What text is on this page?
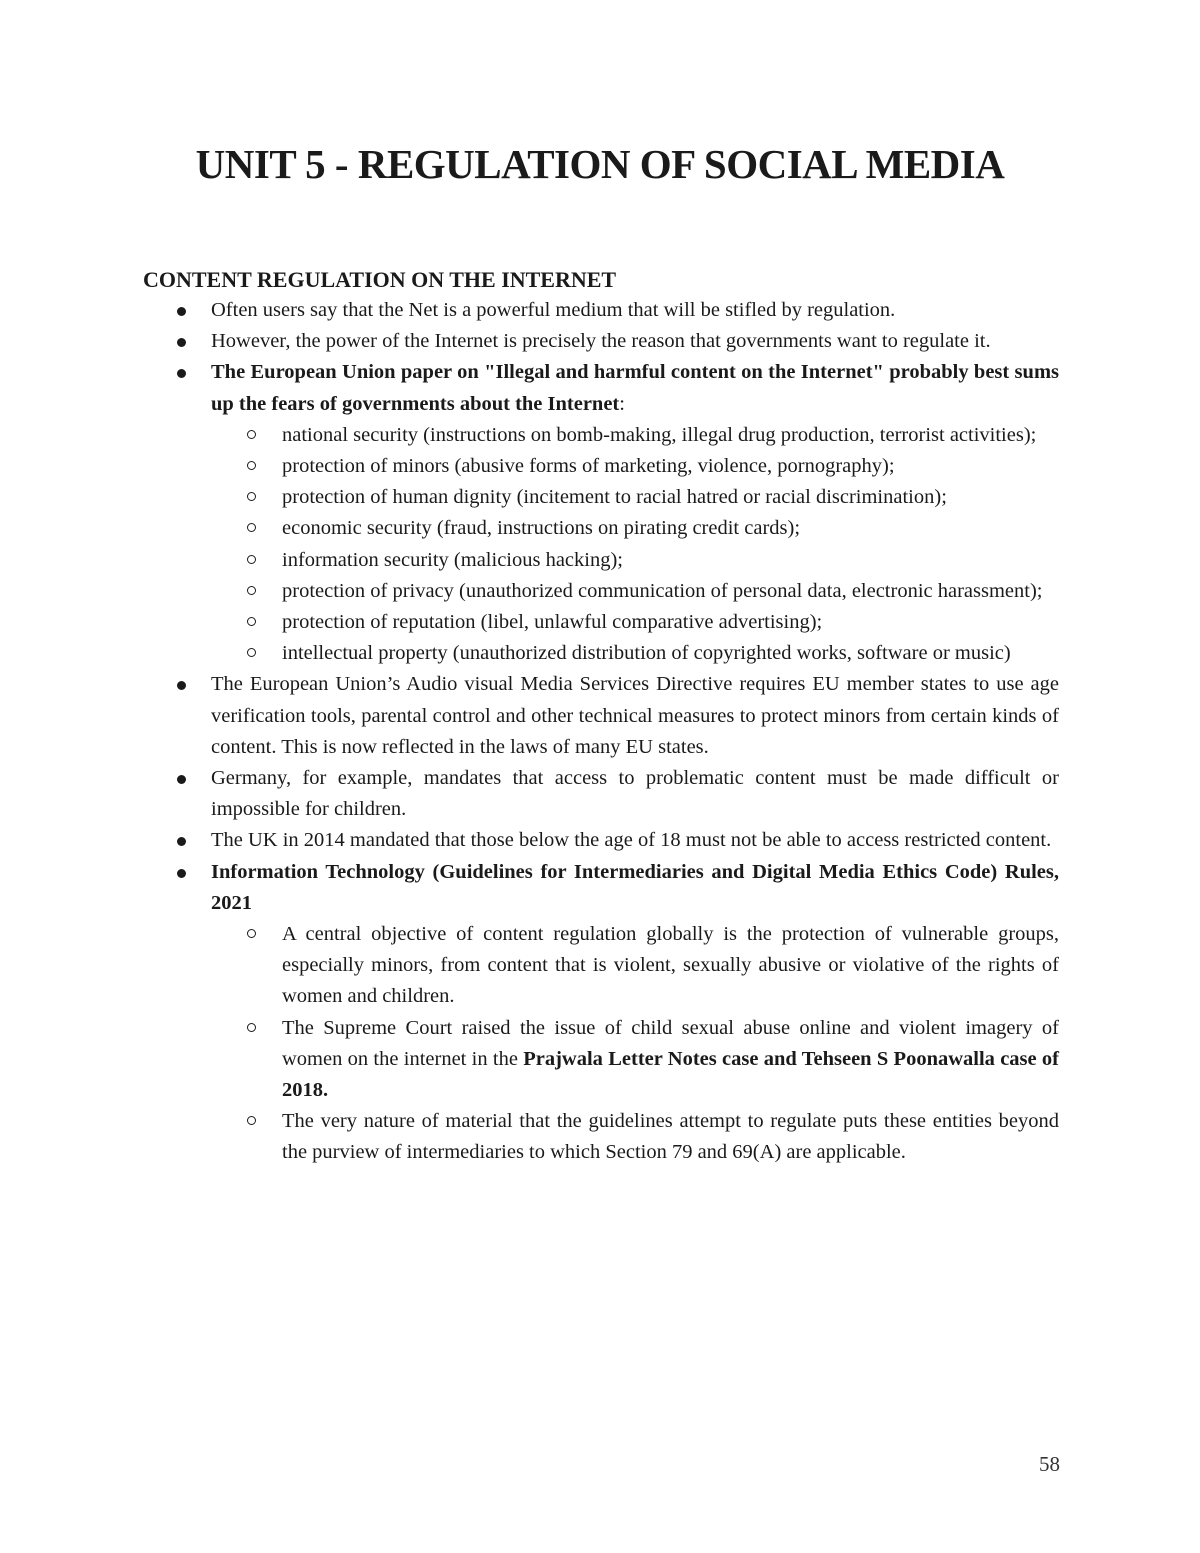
UNIT 5 - REGULATION OF SOCIAL MEDIA
CONTENT REGULATION ON THE INTERNET
Often users say that the Net is a powerful medium that will be stifled by regulation.
However, the power of the Internet is precisely the reason that governments want to regulate it.
The European Union paper on "Illegal and harmful content on the Internet" probably best sums up the fears of governments about the Internet:
national security (instructions on bomb-making, illegal drug production, terrorist activities);
protection of minors (abusive forms of marketing, violence, pornography);
protection of human dignity (incitement to racial hatred or racial discrimination);
economic security (fraud, instructions on pirating credit cards);
information security (malicious hacking);
protection of privacy (unauthorized communication of personal data, electronic harassment);
protection of reputation (libel, unlawful comparative advertising);
intellectual property (unauthorized distribution of copyrighted works, software or music)
The European Union’s Audio visual Media Services Directive requires EU member states to use age verification tools, parental control and other technical measures to protect minors from certain kinds of content. This is now reflected in the laws of many EU states.
Germany, for example, mandates that access to problematic content must be made difficult or impossible for children.
The UK in 2014 mandated that those below the age of 18 must not be able to access restricted content.
Information Technology (Guidelines for Intermediaries and Digital Media Ethics Code) Rules, 2021
A central objective of content regulation globally is the protection of vulnerable groups, especially minors, from content that is violent, sexually abusive or violative of the rights of women and children.
The Supreme Court raised the issue of child sexual abuse online and violent imagery of women on the internet in the Prajwala Letter Notes case and Tehseen S Poonawalla case of 2018.
The very nature of material that the guidelines attempt to regulate puts these entities beyond the purview of intermediaries to which Section 79 and 69(A) are applicable.
58
